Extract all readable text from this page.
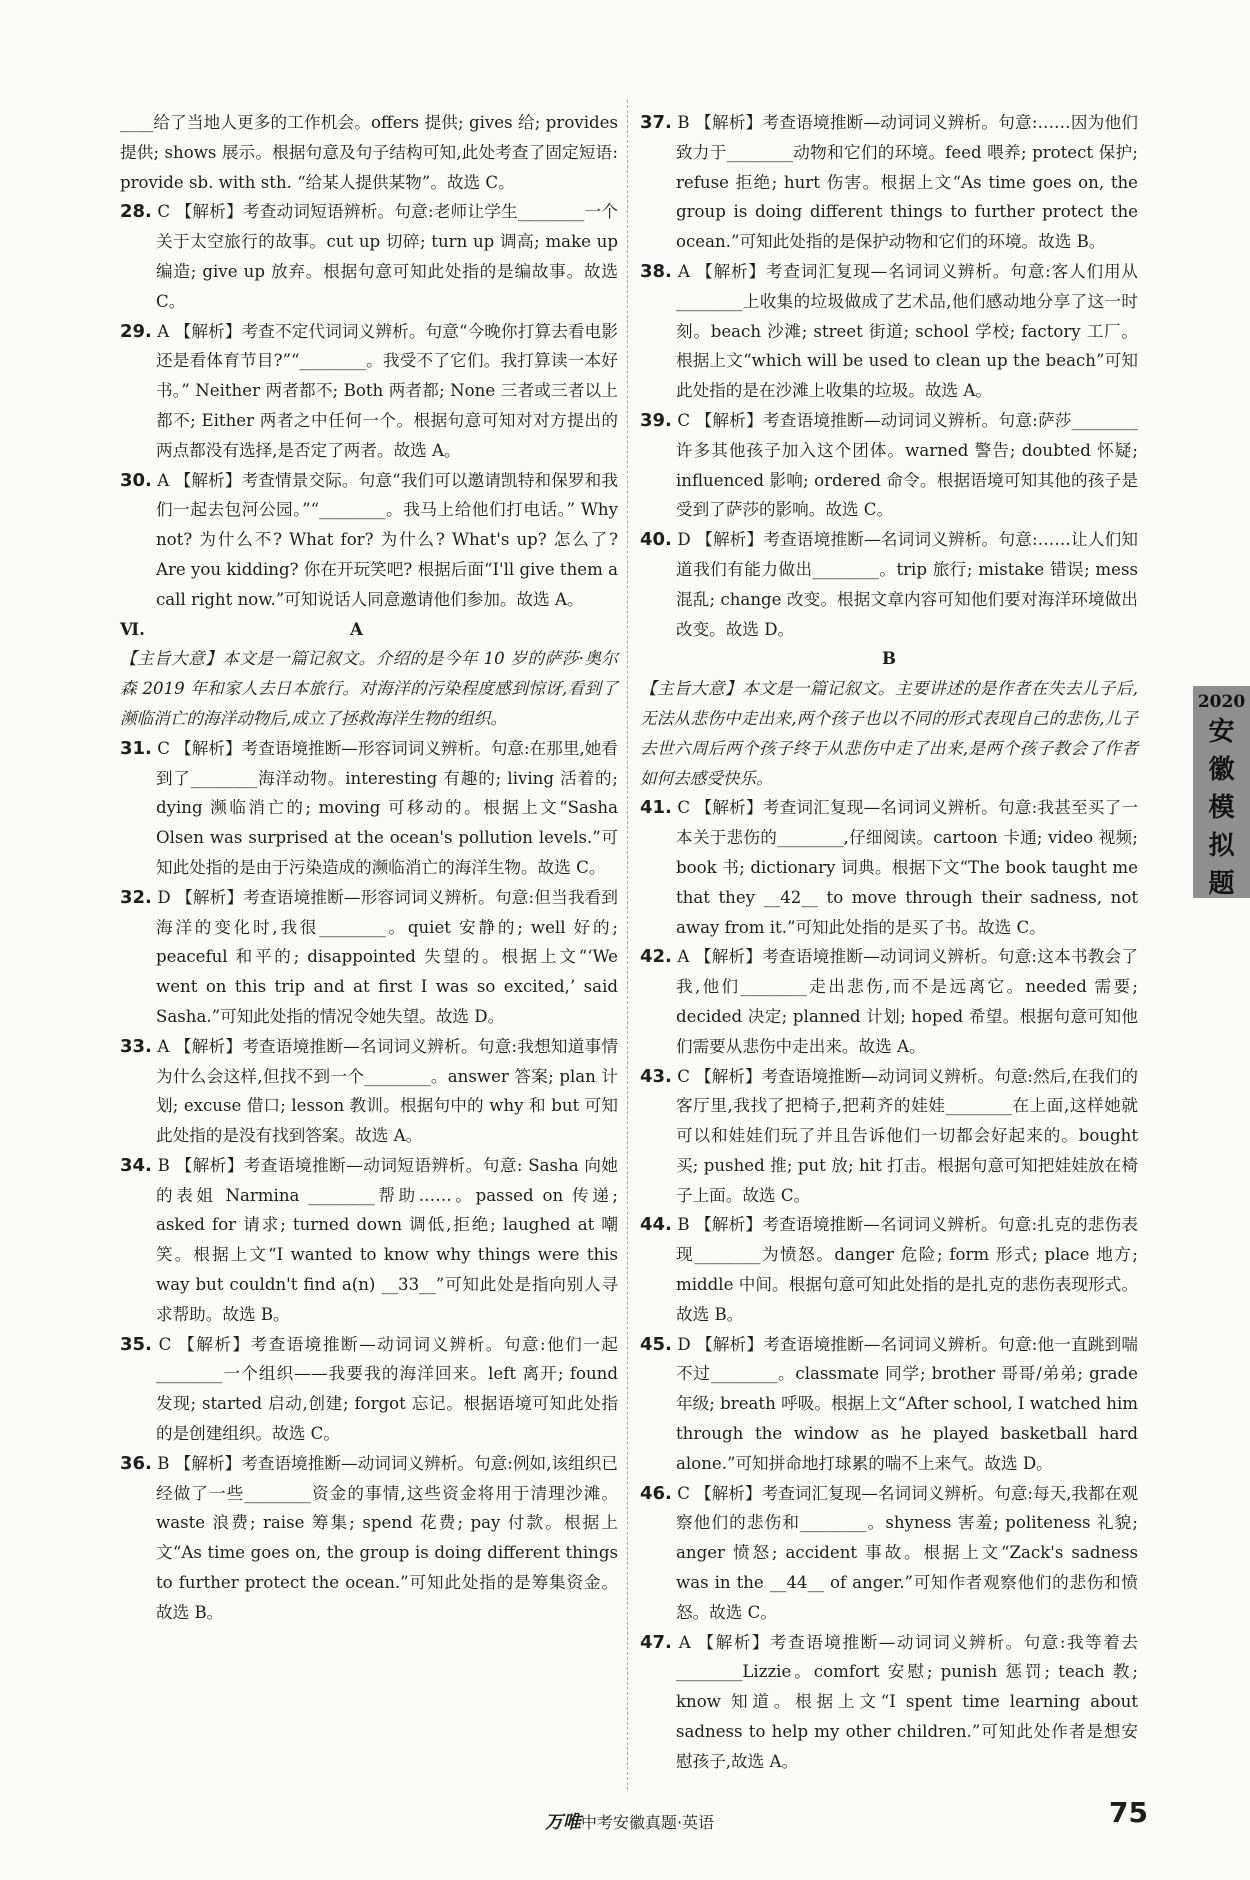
____给了当地人更多的工作机会。offers 提供; gives 给; provides 提供; shows 展示。根据句意及句子结构可知,此处考查了固定短语: provide sb. with sth. “给某人提供某物”。故选 C。

28. C 【解析】考查动词短语辨析。句意:老师让学生________一个关于太空旅行的故事。cut up 切碎; turn up 调高; make up 编造; give up 放弃。根据句意可知此处指的是编故事。故选 C。

29. A 【解析】考查不定代词词义辨析。句意“今晚你打算去看电影还是看体育节目?”“________。我受不了它们。我打算读一本好书。” Neither 两者都不; Both 两者都; None 三者或三者以上都不; Either 两者之中任何一个。根据句意可知对对方提出的两点都没有选择,是否定了两者。故选 A。

30. A 【解析】考查情景交际。句意“我们可以邀请凯特和保罗和我们一起去包河公园。”“________。我马上给他们打电话。” Why not? 为什么不? What for? 为什么? What's up? 怎么了? Are you kidding? 你在开玩笑吧? 根据后面“I'll give them a call right now.”可知说话人同意邀请他们参加。故选 A。

Ⅵ.	A

【主旨大意】本文是一篇记叙文。介绍的是今年 10 岁的萨莎·奥尔森 2019 年和家人去日本旅行。对海洋的污染程度感到惊讶,看到了濒临消亡的海洋动物后,成立了拯救海洋生物的组织。

31. C 【解析】考查语境推断—形容词词义辨析。句意:在那里,她看到了________海洋动物。interesting 有趣的; living 活着的; dying 濒临消亡的; moving 可移动的。根据上文“Sasha Olsen was surprised at the ocean's pollution levels.”可知此处指的是由于污染造成的濒临消亡的海洋生物。故选 C。

32. D 【解析】考查语境推断—形容词词义辨析。句意:但当我看到海洋的变化时,我很________。quiet 安静的; well 好的; peaceful 和平的; disappointed 失望的。根据上文“‘We went on this trip and at first I was so excited,’ said Sasha.”可知此处指的情况令她失望。故选 D。

33. A 【解析】考查语境推断—名词词义辨析。句意:我想知道事情为什么会这样,但找不到一个________。answer 答案; plan 计划; excuse 借口; lesson 教训。根据句中的 why 和 but 可知此处指的是没有找到答案。故选 A。

34. B 【解析】考查语境推断—动词短语辨析。句意: Sasha 向她的表姐 Narmina ________帮助……。passed on 传递; asked for 请求; turned down 调低,拒绝; laughed at 嘲笑。根据上文“I wanted to know why things were this way but couldn't find a(n) __33__”可知此处是指向别人寻求帮助。故选 B。

35. C 【解析】考查语境推断—动词词义辨析。句意:他们一起________一个组织——我要我的海洋回来。left 离开; found 发现; started 启动,创建; forgot 忘记。根据语境可知此处指的是创建组织。故选 C。

36. B 【解析】考查语境推断—动词词义辨析。句意:例如,该组织已经做了一些________资金的事情,这些资金将用于清理沙滩。waste 浪费; raise 筹集; spend 花费; pay 付款。根据上文“As time goes on, the group is doing different things to further protect the ocean.”可知此处指的是筹集资金。故选 B。

37. B 【解析】考查语境推断—动词词义辨析。句意:……因为他们致力于________动物和它们的环境。feed 喂养; protect 保护; refuse 拒绝; hurt 伤害。根据上文“As time goes on, the group is doing different things to further protect the ocean.”可知此处指的是保护动物和它们的环境。故选 B。

38. A 【解析】考查词汇复现—名词词义辨析。句意:客人们用从________上收集的垃圾做成了艺术品,他们感动地分享了这一时刻。beach 沙滩; street 街道; school 学校; factory 工厂。根据上文“which will be used to clean up the beach”可知此处指的是在沙滩上收集的垃圾。故选 A。

39. C 【解析】考查语境推断—动词词义辨析。句意:萨莎________许多其他孩子加入这个团体。warned 警告; doubted 怀疑; influenced 影响; ordered 命令。根据语境可知其他的孩子是受到了萨莎的影响。故选 C。

40. D 【解析】考查语境推断—名词词义辨析。句意:……让人们知道我们有能力做出________。trip 旅行; mistake 错误; mess 混乱; change 改变。根据文章内容可知他们要对海洋环境做出改变。故选 D。

B

【主旨大意】本文是一篇记叙文。主要讲述的是作者在失去儿子后,无法从悲伤中走出来,两个孩子也以不同的形式表现自己的悲伤,儿子去世六周后两个孩子终于从悲伤中走了出来,是两个孩子教会了作者如何去感受快乐。

41. C 【解析】考查词汇复现—名词词义辨析。句意:我甚至买了一本关于悲伤的________,仔细阅读。cartoon 卡通; video 视频; book 书; dictionary 词典。根据下文“The book taught me that they __42__ to move through their sadness, not away from it.”可知此处指的是买了书。故选 C。

42. A 【解析】考查语境推断—动词词义辨析。句意:这本书教会了我,他们________走出悲伤,而不是远离它。needed 需要; decided 决定; planned 计划; hoped 希望。根据句意可知他们需要从悲伤中走出来。故选 A。

43. C 【解析】考查语境推断—动词词义辨析。句意:然后,在我们的客厅里,我找了把椅子,把莉齐的娃娃________在上面,这样她就可以和娃娃们玩了并且告诉他们一切都会好起来的。bought 买; pushed 推; put 放; hit 打击。根据句意可知把娃娃放在椅子上面。故选 C。

44. B 【解析】考查语境推断—名词词义辨析。句意:扎克的悲伤表现________为愤怒。danger 危险; form 形式; place 地方; middle 中间。根据句意可知此处指的是扎克的悲伤表现形式。故选 B。

45. D 【解析】考查语境推断—名词词义辨析。句意:他一直跳到喘不过________。classmate 同学; brother 哥哥/弟弟; grade 年级; breath 呼吸。根据上文“After school, I watched him through the window as he played basketball hard alone.”可知拼命地打球累的喘不上来气。故选 D。

46. C 【解析】考查词汇复现—名词词义辨析。句意:每天,我都在观察他们的悲伤和________。shyness 害羞; politeness 礼貌; anger 愤怒; accident 事故。根据上文“Zack's sadness was in the __44__ of anger.”可知作者观察他们的悲伤和愤怒。故选 C。

47. A 【解析】考查语境推断—动词词义辨析。句意:我等着去________Lizzie。comfort 安慰; punish 惩罚; teach 教; know 知道。根据上文“I spent time learning about sadness to help my other children.”可知此处作者是想安慰孩子,故选 A。

2020
安
徽
模
拟
题
万唯中考安徽真题·英语	75
